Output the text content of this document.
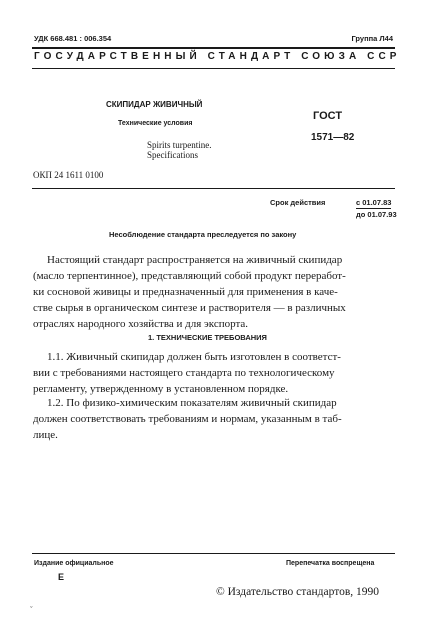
УДК 668.481 : 006.354	Группа Л44
ГОСУДАРСТВЕННЫЙ СТАНДАРТ СОЮЗА ССР
СКИПИДАР ЖИВИЧНЫЙ
Технические условия
Spirits turpentine.
Specifications
ГОСТ
1571—82
ОКП 24 1611 0100
Срок действия	с 01.07.83
до 01.07.93
Несоблюдение стандарта преследуется по закону
Настоящий стандарт распространяется на живичный скипидар
(масло терпентинное), представляющий собой продукт переработ-
ки сосновой живицы и предназначенный для применения в каче-
стве сырья в органическом синтезе и растворителя — в различных
отраслях народного хозяйства и для экспорта.
1. ТЕХНИЧЕСКИЕ ТРЕБОВАНИЯ
1.1. Живичный скипидар должен быть изготовлен в соответст-
вии с требованиями настоящего стандарта по технологическому
регламенту, утвержденному в установленном порядке.
1.2. По физико-химическим показателям живичный скипидар
должен соответствовать требованиям и нормам, указанным в таб-
лице.
Издание официальное
E
Перепечатка воспрещена
© Издательство стандартов, 1990
ˇ
